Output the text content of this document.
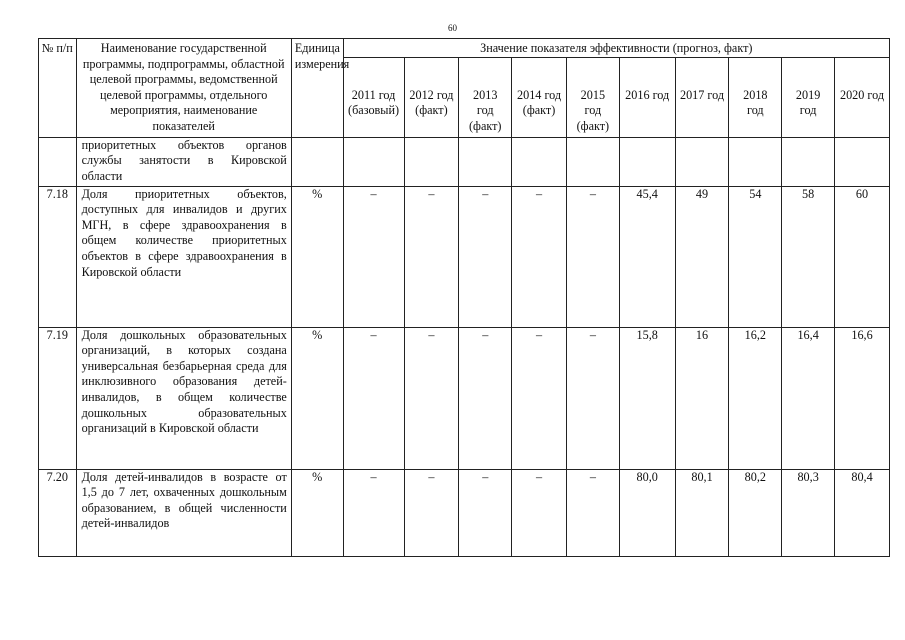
60
№ п/п	Наименование государственной программы, подпрограммы, областной целевой программы, ведомственной целевой программы, отдельного мероприятия, наименование показателей	Единица измерения	Значение показателя эффективности (прогноз, факт)									
			2011 год (базовый)	2012 год (факт)	2013 год (факт)	2014 год (факт)	2015 год (факт)	2016 год	2017 год	2018 год	2019 год	2020 год
	приоритетных объектов органов службы занятости в Кировской области											
7.18	Доля приоритетных объектов, доступных для инвалидов и других МГН, в сфере здравоохранения в общем количестве приоритетных объектов в сфере здравоохранения в Кировской области	%	–	–	–	–	–	45,4	49	54	58	60
7.19	Доля дошкольных образовательных организаций, в которых создана универсальная безбарьерная среда для инклюзивного образования детей-инвалидов, в общем количестве дошкольных образовательных организаций в Кировской области	%	–	–	–	–	–	15,8	16	16,2	16,4	16,6
7.20	Доля детей-инвалидов в возрасте от 1,5 до 7 лет, охваченных дошкольным образованием, в общей численности детей-инвалидов	%	–	–	–	–	–	80,0	80,1	80,2	80,3	80,4
